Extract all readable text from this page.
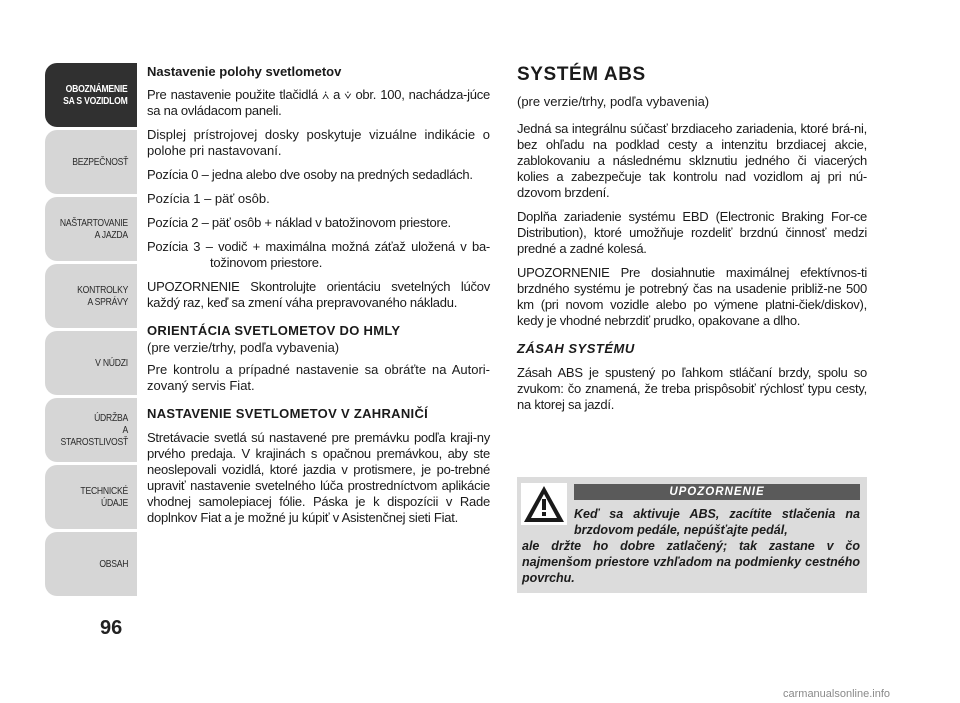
OBOZNÁMENIE
SA S VOZIDLOM
BEZPEČNOSŤ
NAŠTARTOVANIE
A JAZDA
KONTROLKY
A SPRÁVY
V NÚDZI
ÚDRŽBA
A STAROSTLIVOSŤ
TECHNICKÉ
ÚDAJE
OBSAH
96
Nastavenie polohy svetlometov

Pre nastavenie použite tlačidlá ⩑ a ⩒ obr. 100, nachádza-júce sa na ovládacom paneli.

Displej prístrojovej dosky poskytuje vizuálne indikácie o polohe pri nastavovaní.

Pozícia 0 – jedna alebo dve osoby na predných sedadlách.

Pozícia 1 – päť osôb.

Pozícia 2 – päť osôb + náklad v batožinovom priestore.

Pozícia 3 – vodič + maximálna možná záťaž uložená v ba-tožinovom priestore.

UPOZORNENIE Skontrolujte orientáciu svetelných lúčov každý raz, keď sa zmení váha prepravovaného nákladu.

ORIENTÁCIA SVETLOMETOV DO HMLY

(pre verzie/trhy, podľa vybavenia)

Pre kontrolu a prípadné nastavenie sa obráťte na Autori-zovaný servis Fiat.

NASTAVENIE SVETLOMETOV V ZAHRANIČÍ

Stretávacie svetlá sú nastavené pre premávku podľa kraji-ny prvého predaja. V krajinách s opačnou premávkou, aby ste neoslepovali vozidlá, ktoré jazdia v protismere, je po-trebné upraviť nastavenie svetelného lúča prostredníctvom aplikácie vhodnej samolepiacej fólie. Páska je k dispozícii v Rade doplnkov Fiat a je možné ju kúpiť v Asistenčnej sieti Fiat.

SYSTÉM ABS

(pre verzie/trhy, podľa vybavenia)

Jedná sa integrálnu súčasť brzdiaceho zariadenia, ktoré brá-ni, bez ohľadu na podklad cesty a intenzitu brzdiacej akcie, zablokovaniu a následnému sklznutiu jedného či viacerých kolies a zabezpečuje tak kontrolu nad vozidlom aj pri nú-dzovom brzdení.

Doplňa zariadenie systému EBD (Electronic Braking For-ce Distribution), ktoré umožňuje rozdeliť brzdnú činnosť medzi predné a zadné kolesá.

UPOZORNENIE Pre dosiahnutie maximálnej efektívnos-ti brzdného systému je potrebný čas na usadenie približ-ne 500 km (pri novom vozidle alebo po výmene platni-čiek/diskov), kedy je vhodné nebrzdiť prudko, opakovane a dlho.

ZÁSAH SYSTÉMU

Zásah ABS je spustený po ľahkom stláčaní brzdy, spolu so zvukom: čo znamená, že treba prispôsobiť rýchlosť typu cesty, na ktorej sa jazdí.

UPOZORNENIE
Keď sa aktivuje ABS, zacítite stlačenia na brzdovom pedále, nepúšťajte pedál,
ale držte ho dobre zatlačený; tak zastane v čo najmenšom priestore vzhľadom na podmienky cestného povrchu.
carmanualsonline.info
